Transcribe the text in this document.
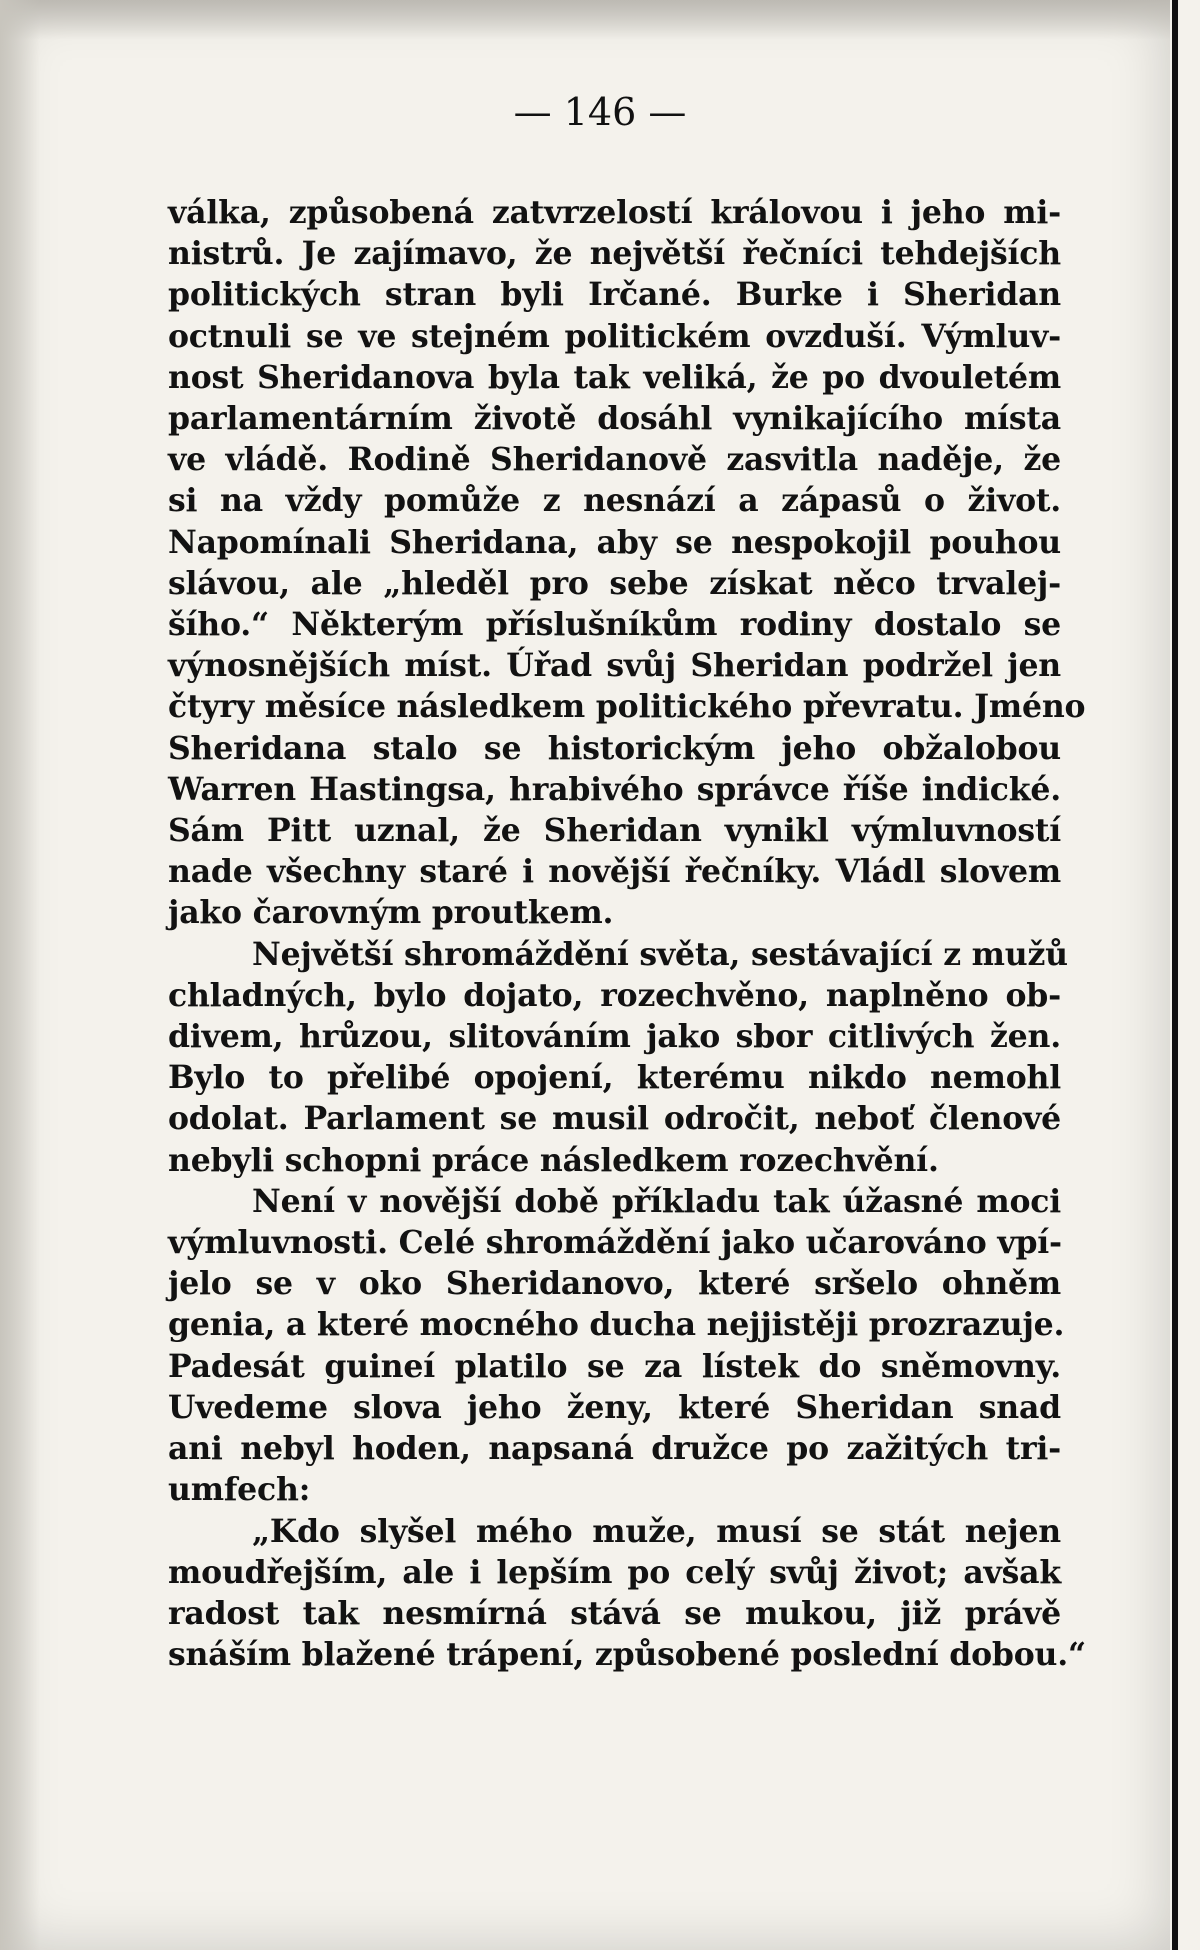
— 146 —
válka, způsobená zatvrzelostí královou i jeho mi-
nistrů. Je zajímavo, že největší řečníci tehdejších
politických stran byli Irčané. Burke i Sheridan
octnuli se ve stejném politickém ovzduší. Výmluv-
nost Sheridanova byla tak veliká, že po dvouletém
parlamentárním životě dosáhl vynikajícího místa
ve vládě. Rodině Sheridanově zasvitla naděje, že
si na vždy pomůže z nesnází a zápasů o život.
Napomínali Sheridana, aby se nespokojil pouhou
slávou, ale „hleděl pro sebe získat něco trvalej-
šího.“ Některým příslušníkům rodiny dostalo se
výnosnějších míst. Úřad svůj Sheridan podržel jen
čtyry měsíce následkem politického převratu. Jméno
Sheridana stalo se historickým jeho obžalobou
Warren Hastingsa, hrabivého správce říše indické.
Sám Pitt uznal, že Sheridan vynikl výmluvností
nade všechny staré i novější řečníky. Vládl slovem
jako čarovným proutkem.
Největší shromáždění světa, sestávající z mužů
chladných, bylo dojato, rozechvěno, naplněno ob-
divem, hrůzou, slitováním jako sbor citlivých žen.
Bylo to přelibé opojení, kterému nikdo nemohl
odolat. Parlament se musil odročit, neboť členové
nebyli schopni práce následkem rozechvění.
Není v novější době příkladu tak úžasné moci
výmluvnosti. Celé shromáždění jako učarováno vpí-
jelo se v oko Sheridanovo, které sršelo ohněm
genia, a které mocného ducha nejjistěji prozrazuje.
Padesát guineí platilo se za lístek do sněmovny.
Uvedeme slova jeho ženy, které Sheridan snad
ani nebyl hoden, napsaná družce po zažitých tri-
umfech:
„Kdo slyšel mého muže, musí se stát nejen
moudřejším, ale i lepším po celý svůj život; avšak
radost tak nesmírná stává se mukou, již právě
snáším blažené trápení, způsobené poslední dobou.“
